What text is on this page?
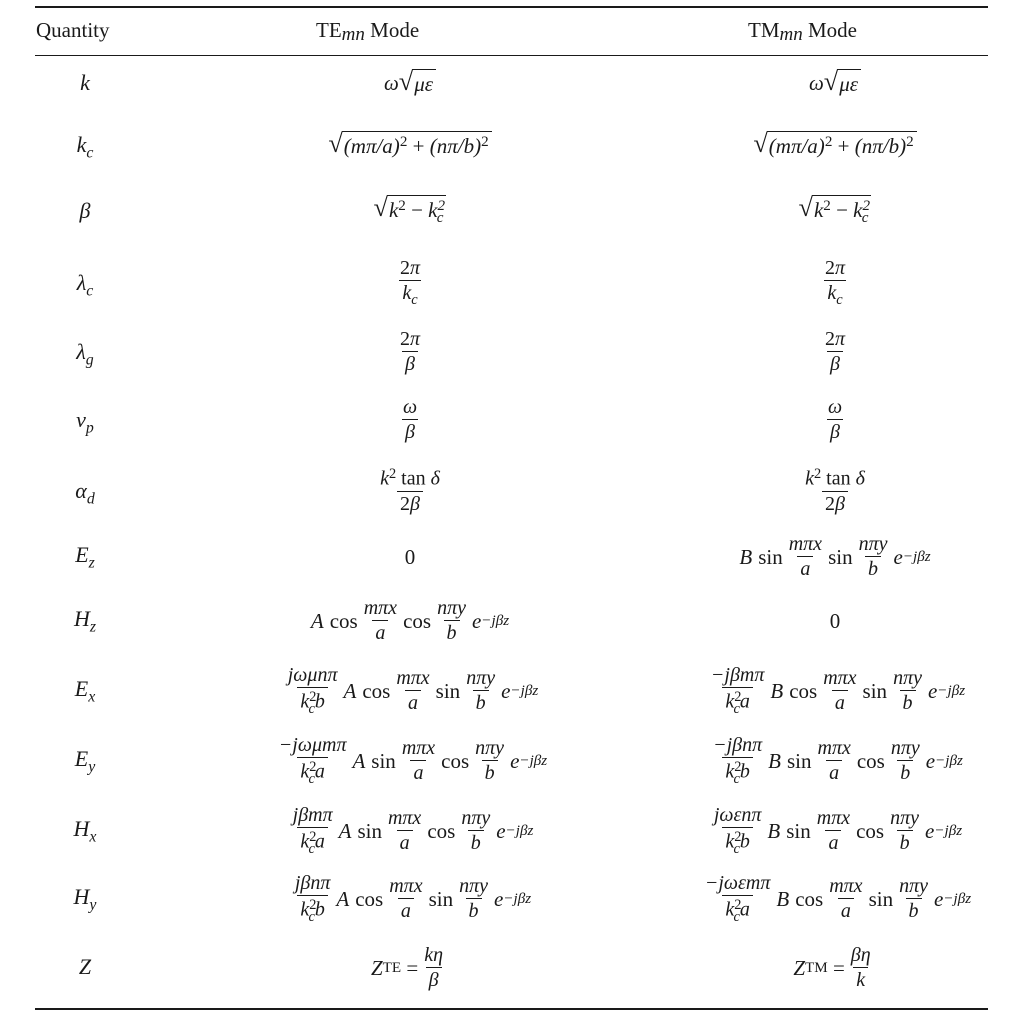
Quantity	TEmn Mode	TMmn Mode
k	ω √ με	ω √ με
$k_c$	√ $(m\pi/a)^2 + (n\pi/b)^2$	√ $(m\pi/a)^2 + (n\pi/b)^2$
β	√ $k^2 - k^2_c$	√ $k^2 - k^2_c$
$\lambda_c$	$\frac{2\pi}{k_c}$	$\frac{2\pi}{k_c}$
$\lambda_g$	$\frac{2\pi}{\beta}$	$\frac{2\pi}{\beta}$
$v_p$	$\frac{\omega}{\beta}$	$\frac{\omega}{\beta}$
$\alpha_d$	$\frac{k^2 \tan \delta}{2\beta}$	$\frac{k^2 \tan \delta}{2\beta}$
$E_z$	0	B $\sin \frac{\text{mπx}}{a}$ $\sin \frac{\text{nπy}}{b}$ e −jβz
$H_z$	A $\cos \frac{\text{mπx}}{a}$ $\cos \frac{\text{nπy}}{b}$ e −jβz	0
$E_x$	$\frac{\text{jωμnπ}}{k^2_cb}$ A $\cos \frac{\text{mπx}}{a}$ $\sin \frac{\text{nπy}}{b}$ e −jβz	$\frac{\text{−jβmπ}}{k^2_ca}$ B $\cos \frac{\text{mπx}}{a}$ $\sin \frac{\text{nπy}}{b}$ e −jβz
$E_y$	$\frac{\text{−jωμmπ}}{k^2_ca}$ A $\sin \frac{\text{mπx}}{a}$ $\cos \frac{\text{nπy}}{b}$ e −jβz	$\frac{\text{−jβnπ}}{k^2_cb}$ B $\sin \frac{\text{mπx}}{a}$ $\cos \frac{\text{nπy}}{b}$ e −jβz
$H_x$	$\frac{\text{jβmπ}}{k^2_ca}$ A $\sin \frac{\text{mπx}}{a}$ $\cos \frac{\text{nπy}}{b}$ e −jβz	$\frac{\text{jωεnπ}}{k^2_cb}$ B $\sin \frac{\text{mπx}}{a}$ $\cos \frac{\text{nπy}}{b}$ e −jβz
$H_y$	$\frac{\text{jβnπ}}{k^2_cb}$ A $\cos \frac{\text{mπx}}{a}$ $\sin \frac{\text{nπy}}{b}$ e −jβz	$\frac{\text{−jωεmπ}}{k^2_ca}$ B $\cos \frac{\text{mπx}}{a}$ $\sin \frac{\text{nπy}}{b}$ e −jβz
Z	Z TE = $\frac{k\eta}{\beta}$	Z TM = $\frac{\beta\eta}{k}$
